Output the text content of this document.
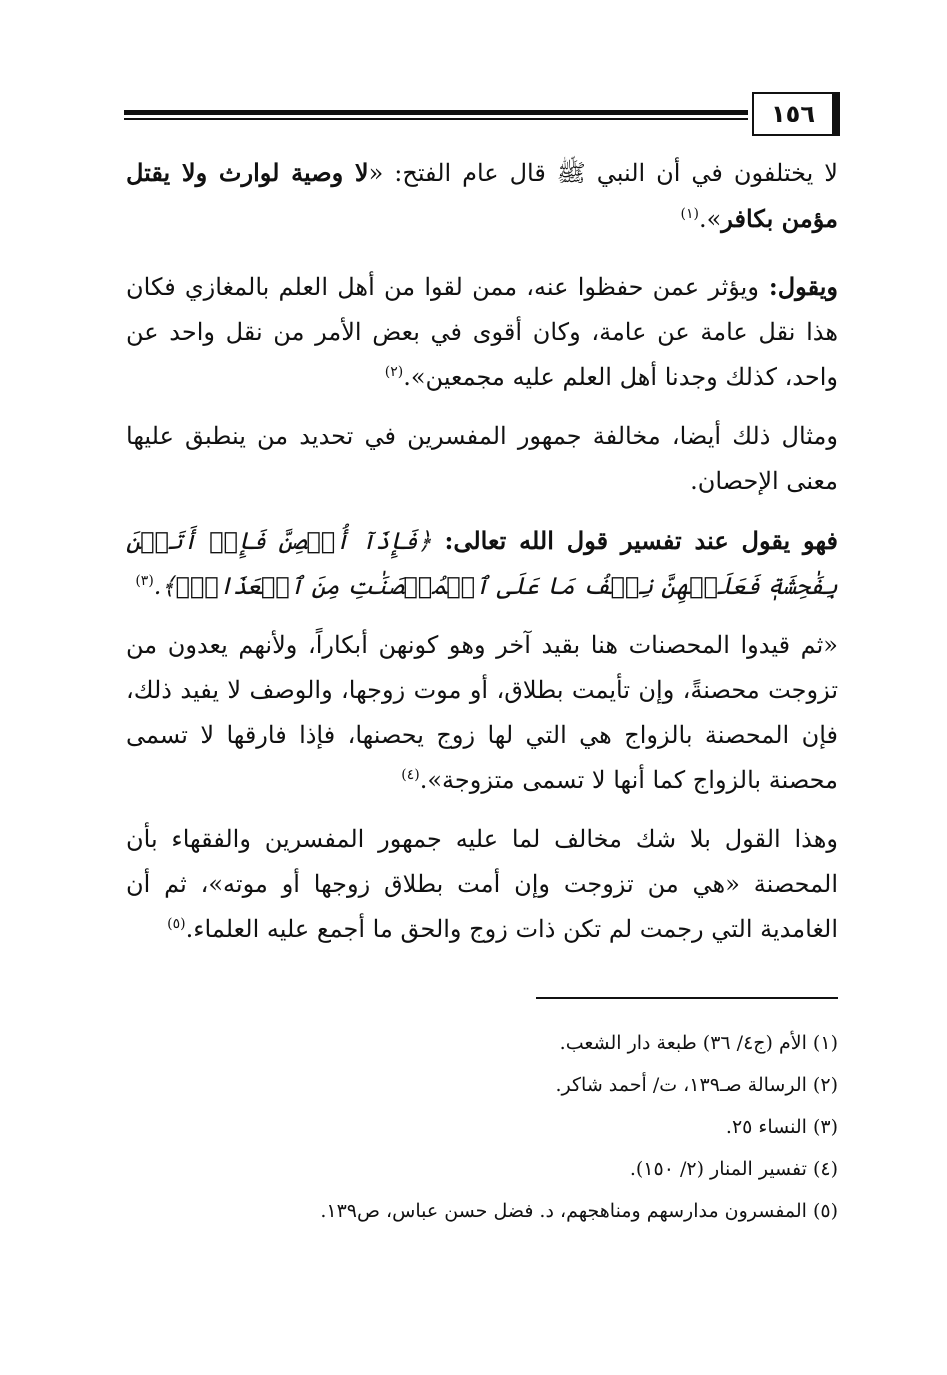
١٥٦

لا يختلفون في أن النبي ﷺ قال عام الفتح: «لا وصية لوارث ولا يقتل مؤمن بكافر».$^{(١)}$

ويقول: ويؤثر عمن حفظوا عنه، ممن لقوا من أهل العلم بالمغازي فكان هذا نقل عامة عن عامة، وكان أقوى في بعض الأمر من نقل واحد عن واحد، كذلك وجدنا أهل العلم عليه مجمعين».$^{(٢)}$

ومثال ذلك أيضا، مخالفة جمهور المفسرين في تحديد من ينطبق عليها معنى الإحصان.

فهو يقول عند تفسير قول الله تعالى: ﴿فَإِذَآ أُحۡصِنَّ فَإِنۡ أَتَيۡنَ بِفَٰحِشَةٖ فَعَلَيۡهِنَّ نِصۡفُ مَا عَلَى ٱلۡمُحۡصَنَٰتِ مِنَ ٱلۡعَذَابِۚ﴾.$^{(٣)}$

«ثم قيدوا المحصنات هنا بقيد آخر وهو كونهن أبكاراً، ولأنهم يعدون من تزوجت محصنةً، وإن تأيمت بطلاق، أو موت زوجها، والوصف لا يفيد ذلك، فإن المحصنة بالزواج هي التي لها زوج يحصنها، فإذا فارقها لا تسمى محصنة بالزواج كما أنها لا تسمى متزوجة».$^{(٤)}$

وهذا القول بلا شك مخالف لما عليه جمهور المفسرين والفقهاء بأن المحصنة «هي من تزوجت وإن أمت بطلاق زوجها أو موته»، ثم أن الغامدية التي رجمت لم تكن ذات زوج والحق ما أجمع عليه العلماء.$^{(٥)}$

(١) الأم (ج٤/ ٣٦) طبعة دار الشعب.

(٢) الرسالة صـ١٣٩، ت/ أحمد شاكر.

(٣) النساء ٢٥.

(٤) تفسير المنار (٢/ ١٥٠).

(٥) المفسرون مدارسهم ومناهجهم، د. فضل حسن عباس، ص١٣٩.
